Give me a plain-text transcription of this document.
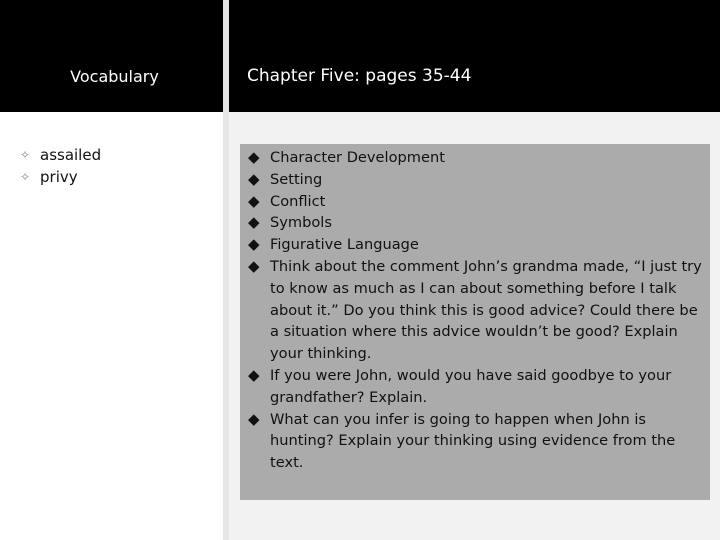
Vocabulary	Chapter Five: pages 35-44
✧ assailed
✧ privy
◆ Character Development
◆ Setting
◆ Conflict
◆ Symbols
◆ Figurative Language
◆ Think about the comment John’s grandma made, “I just try to know as much as I can about something before I talk about it.” Do you think this is good advice? Could there be a situation where this advice wouldn’t be good? Explain your thinking.
◆ If you were John, would you have said goodbye to your grandfather? Explain.
◆ What can you infer is going to happen when John is hunting? Explain your thinking using evidence from the text.
